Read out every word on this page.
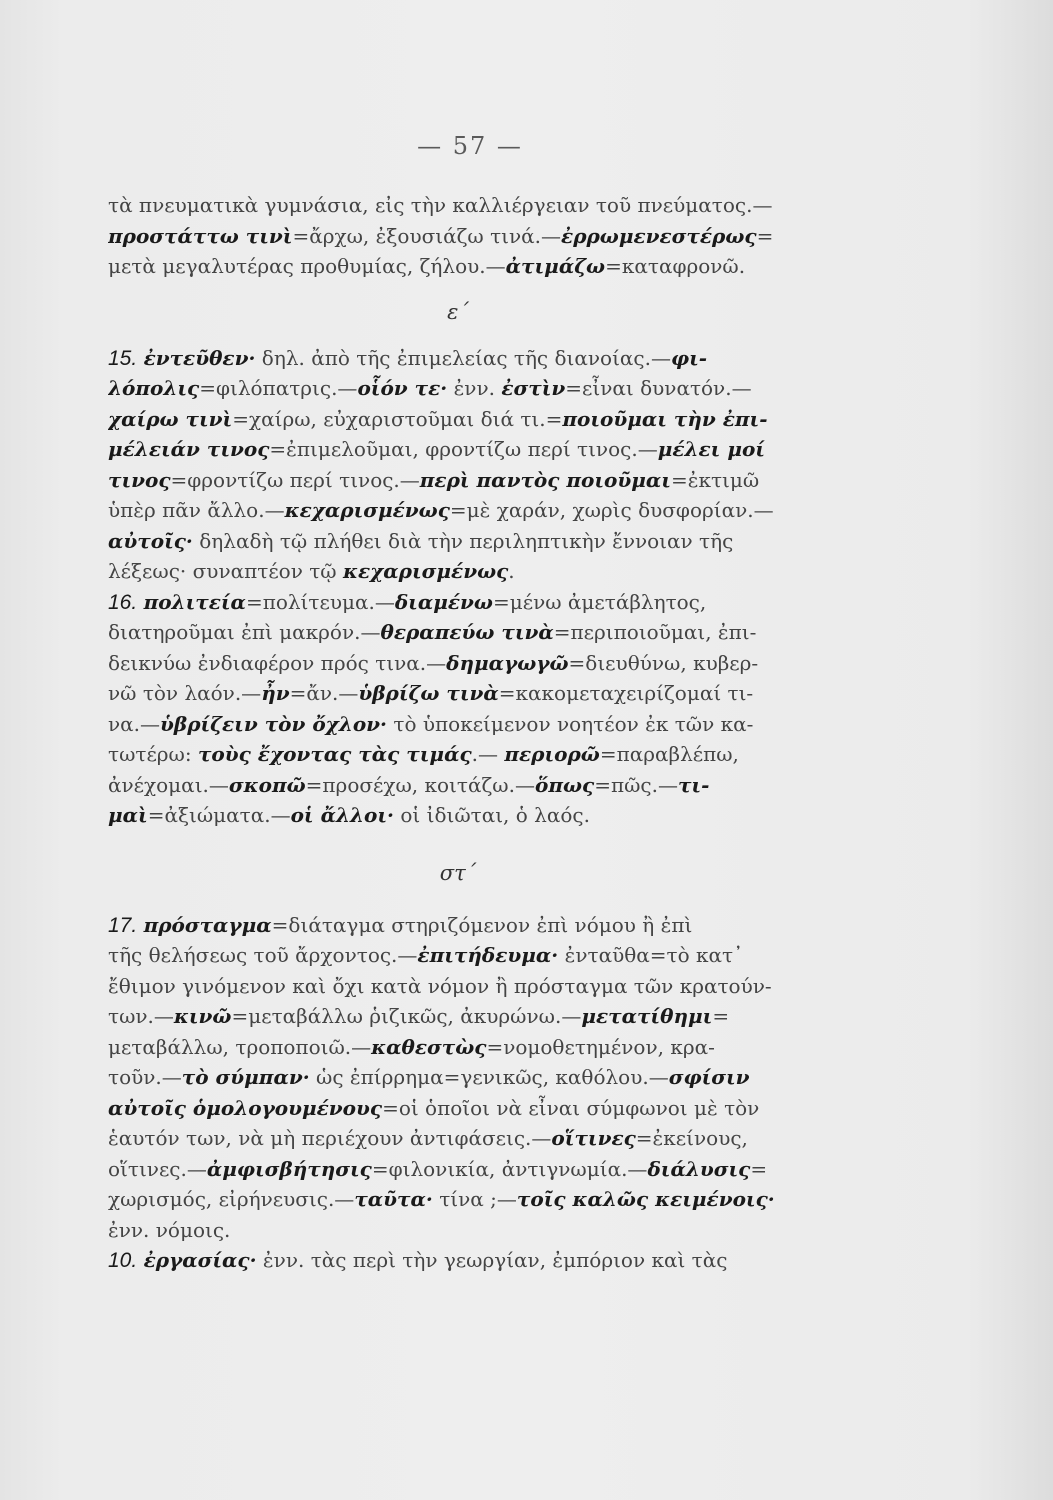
— 57 —
τὰ πνευματικὰ γυμνάσια, εἰς τὴν καλλιέργειαν τοῦ πνεύματος.—
προστάττω τινὶ=ἄρχω, ἐξουσιάζω τινά.—ἐρρωμενεστέρως=
μετὰ μεγαλυτέρας προθυμίας, ζήλου.—ἀτιμάζω=καταφρονῶ.
ε΄
15. ἐντεῦθεν· δηλ. ἀπὸ τῆς ἐπιμελείας τῆς διανοίας.—φι-
λόπολις=φιλόπατρις.—οἷόν τε· ἐνν. ἐστὶν=εἶναι δυνατόν.—
χαίρω τινὶ=χαίρω, εὐχαριστοῦμαι διά τι.=ποιοῦμαι τὴν ἐπι-
μέλειάν τινος=ἐπιμελοῦμαι, φροντίζω περί τινος.—μέλει μοί
τινος=φροντίζω περί τινος.—περὶ παντὸς ποιοῦμαι=ἐκτιμῶ
ὑπὲρ πᾶν ἄλλο.—κεχαρισμένως=μὲ χαράν, χωρὶς δυσφορίαν.—
αὐτοῖς· δηλαδὴ τῷ πλήθει διὰ τὴν περιληπτικὴν ἔννοιαν τῆς
λέξεως· συναπτέον τῷ κεχαρισμένως.
16. πολιτεία=πολίτευμα.—διαμένω=μένω ἀμετάβλητος,
διατηροῦμαι ἐπὶ μακρόν.—θεραπεύω τινὰ=περιποιοῦμαι, ἐπι-
δεικνύω ἐνδιαφέρον πρός τινα.—δημαγωγῶ=διευθύνω, κυβερ-
νῶ τὸν λαόν.—ἦν=ἄν.—ὑβρίζω τινὰ=κακομεταχειρίζομαί τι-
να.—ὑβρίζειν τὸν ὄχλον· τὸ ὑποκείμενον νοητέον ἐκ τῶν κα-
τωτέρω: τοὺς ἔχοντας τὰς τιμάς.— περιορῶ=παραβλέπω,
ἀνέχομαι.—σκοπῶ=προσέχω, κοιτάζω.—ὅπως=πῶς.—τι-
μαὶ=ἀξιώματα.—οἱ ἄλλοι· οἱ ἰδιῶται, ὁ λαός.
στ΄
17. πρόσταγμα=διάταγμα στηριζόμενον ἐπὶ νόμου ἢ ἐπὶ
τῆς θελήσεως τοῦ ἄρχοντος.—ἐπιτήδευμα· ἐνταῦθα=τὸ κατ᾽
ἔθιμον γινόμενον καὶ ὄχι κατὰ νόμον ἢ πρόσταγμα τῶν κρατούν-
των.—κινῶ=μεταβάλλω ῥιζικῶς, ἀκυρώνω.—μετατίθημι=
μεταβάλλω, τροποποιῶ.—καθεστὼς=νομοθετημένον, κρα-
τοῦν.—τὸ σύμπαν· ὡς ἐπίρρημα=γενικῶς, καθόλου.—σφίσιν
αὐτοῖς ὁμολογουμένους=οἱ ὁποῖοι νὰ εἶναι σύμφωνοι μὲ τὸν
ἑαυτόν των, νὰ μὴ περιέχουν ἀντιφάσεις.—οἵτινες=ἐκείνους,
οἵτινες.—ἀμφισβήτησις=φιλονικία, ἀντιγνωμία.—διάλυσις=
χωρισμός, εἰρήνευσις.—ταῦτα· τίνα ;—τοῖς καλῶς κειμένοις·
ἐνν. νόμοις.
10. ἐργασίας· ἐνν. τὰς περὶ τὴν γεωργίαν, ἐμπόριον καὶ τὰς
